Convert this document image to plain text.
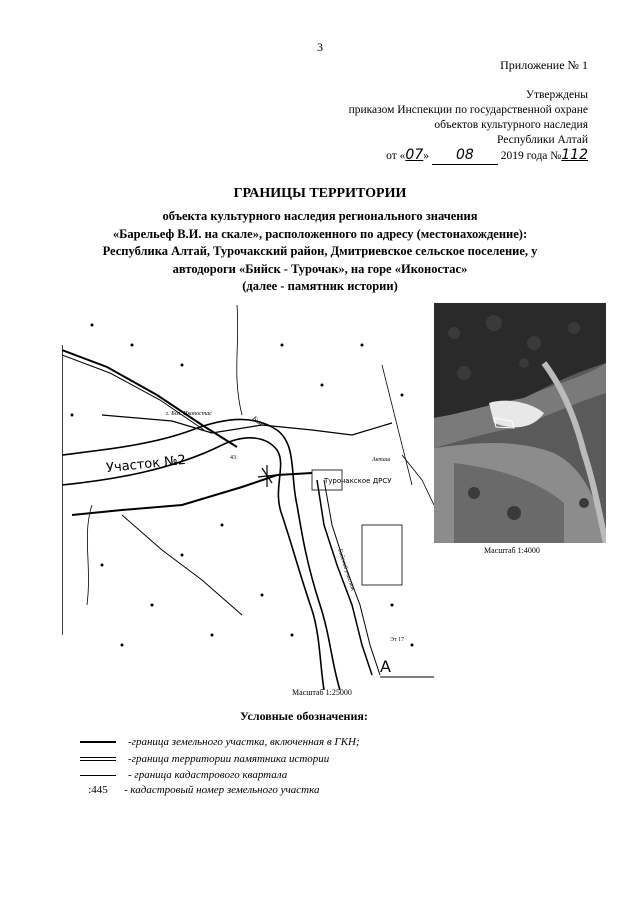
3
Приложение № 1
Утверждены
приказом Инспекции по государственной охране
объектов культурного наследия
Республики Алтай
от «07» 08 2019 года №112
ГРАНИЦЫ ТЕРРИТОРИИ
объекта культурного наследия регионального значения
«Барельеф В.И. на скале», расположенного по адресу (местонахождение):
Республика Алтай, Турочакский район, Дмитриевское сельское поселение, у
автодороги «Бийск - Турочак», на горе «Иконостас»
(далее - памятник истории)
Участок №2
г. Бол. Иконостас
Бия
Турочакское ДРСУ
Акташ
Бийский участок
А
43
Эт 17
Масштаб 1:4000
Масштаб 1:25000
Условные обозначения:
-граница земельного участка, включенная в ГКН;
-граница территории памятника истории
- граница кадастрового квартала
:445 - кадастровый номер земельного участка
